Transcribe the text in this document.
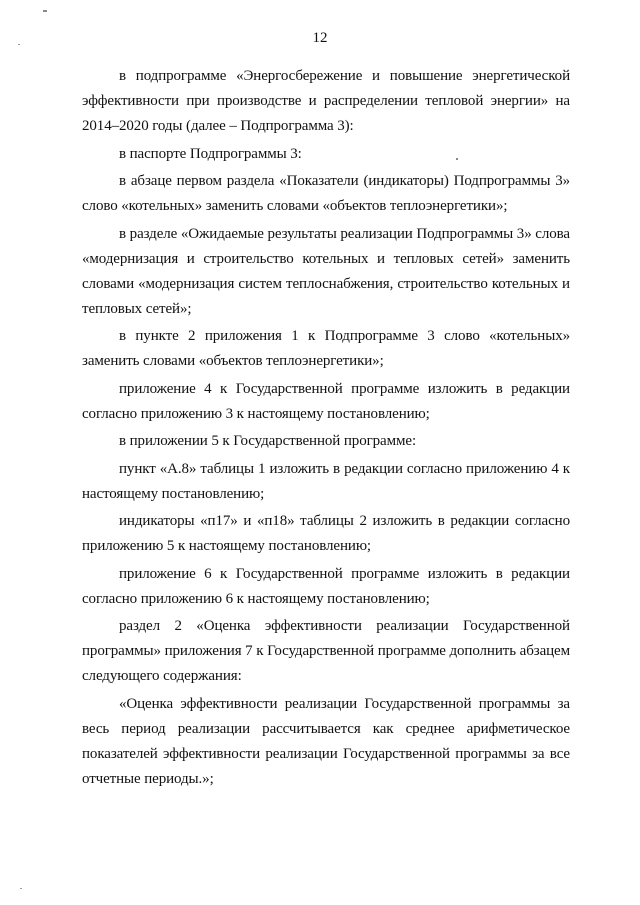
12

в подпрограмме «Энергосбережение и повышение энергетической эффективности при производстве и распределении тепловой энергии» на 2014–2020 годы (далее – Подпрограмма 3):

в паспорте Подпрограммы 3:

в абзаце первом раздела «Показатели (индикаторы) Подпрограммы 3» слово «котельных» заменить словами «объектов теплоэнергетики»;

в разделе «Ожидаемые результаты реализации Подпрограммы 3» слова «модернизация и строительство котельных и тепловых сетей» заменить словами «модернизация систем теплоснабжения, строительство котельных и тепловых сетей»;

в пункте 2 приложения 1 к Подпрограмме 3 слово «котельных» заменить словами «объектов теплоэнергетики»;

приложение 4 к Государственной программе изложить в редакции согласно приложению 3 к настоящему постановлению;

в приложении 5 к Государственной программе:

пункт «А.8» таблицы 1 изложить в редакции согласно приложению 4 к настоящему постановлению;

индикаторы «п17» и «п18» таблицы 2 изложить в редакции согласно приложению 5 к настоящему постановлению;

приложение 6 к Государственной программе изложить в редакции согласно приложению 6 к настоящему постановлению;

раздел 2 «Оценка эффективности реализации Государственной программы» приложения 7 к Государственной программе дополнить абзацем следующего содержания:

«Оценка эффективности реализации Государственной программы за весь период реализации рассчитывается как среднее арифметическое показателей эффективности реализации Государственной программы за все отчетные периоды.»;
